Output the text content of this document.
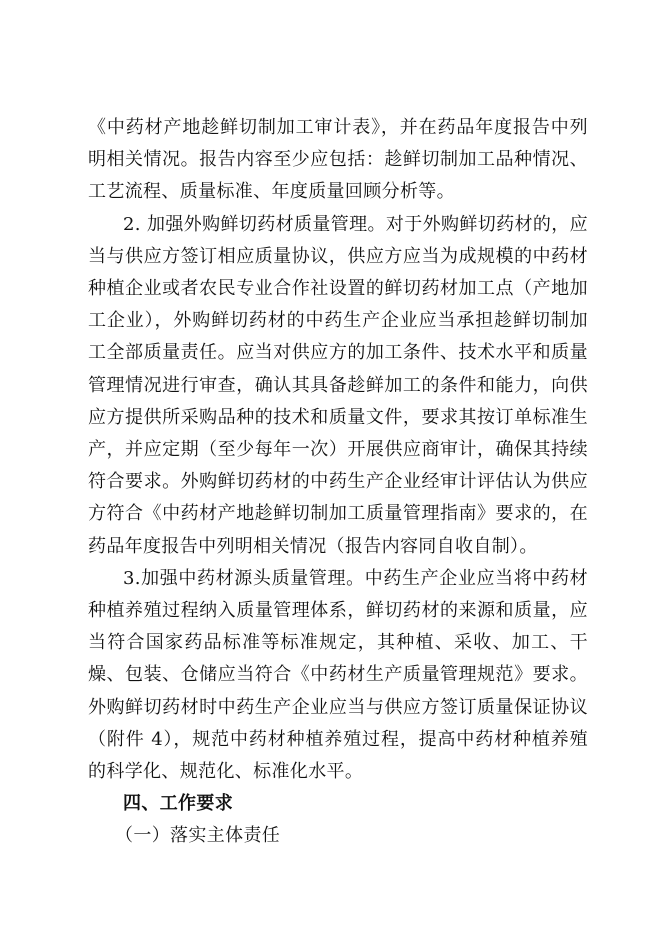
《中药材产地趁鲜切制加工审计表》，并在药品年度报告中列明相关情况。报告内容至少应包括：趁鲜切制加工品种情况、工艺流程、质量标准、年度质量回顾分析等。

2. 加强外购鲜切药材质量管理。对于外购鲜切药材的，应当与供应方签订相应质量协议，供应方应当为成规模的中药材种植企业或者农民专业合作社设置的鲜切药材加工点（产地加工企业），外购鲜切药材的中药生产企业应当承担趁鲜切制加工全部质量责任。应当对供应方的加工条件、技术水平和质量管理情况进行审查，确认其具备趁鲜加工的条件和能力，向供应方提供所采购品种的技术和质量文件，要求其按订单标准生产，并应定期（至少每年一次）开展供应商审计，确保其持续符合要求。外购鲜切药材的中药生产企业经审计评估认为供应方符合《中药材产地趁鲜切制加工质量管理指南》要求的，在药品年度报告中列明相关情况（报告内容同自收自制）。

3.加强中药材源头质量管理。中药生产企业应当将中药材种植养殖过程纳入质量管理体系，鲜切药材的来源和质量，应当符合国家药品标准等标准规定，其种植、采收、加工、干燥、包装、仓储应当符合《中药材生产质量管理规范》要求。外购鲜切药材时中药生产企业应当与供应方签订质量保证协议（附件 4），规范中药材种植养殖过程，提高中药材种植养殖的科学化、规范化、标准化水平。

四、工作要求

（一）落实主体责任
